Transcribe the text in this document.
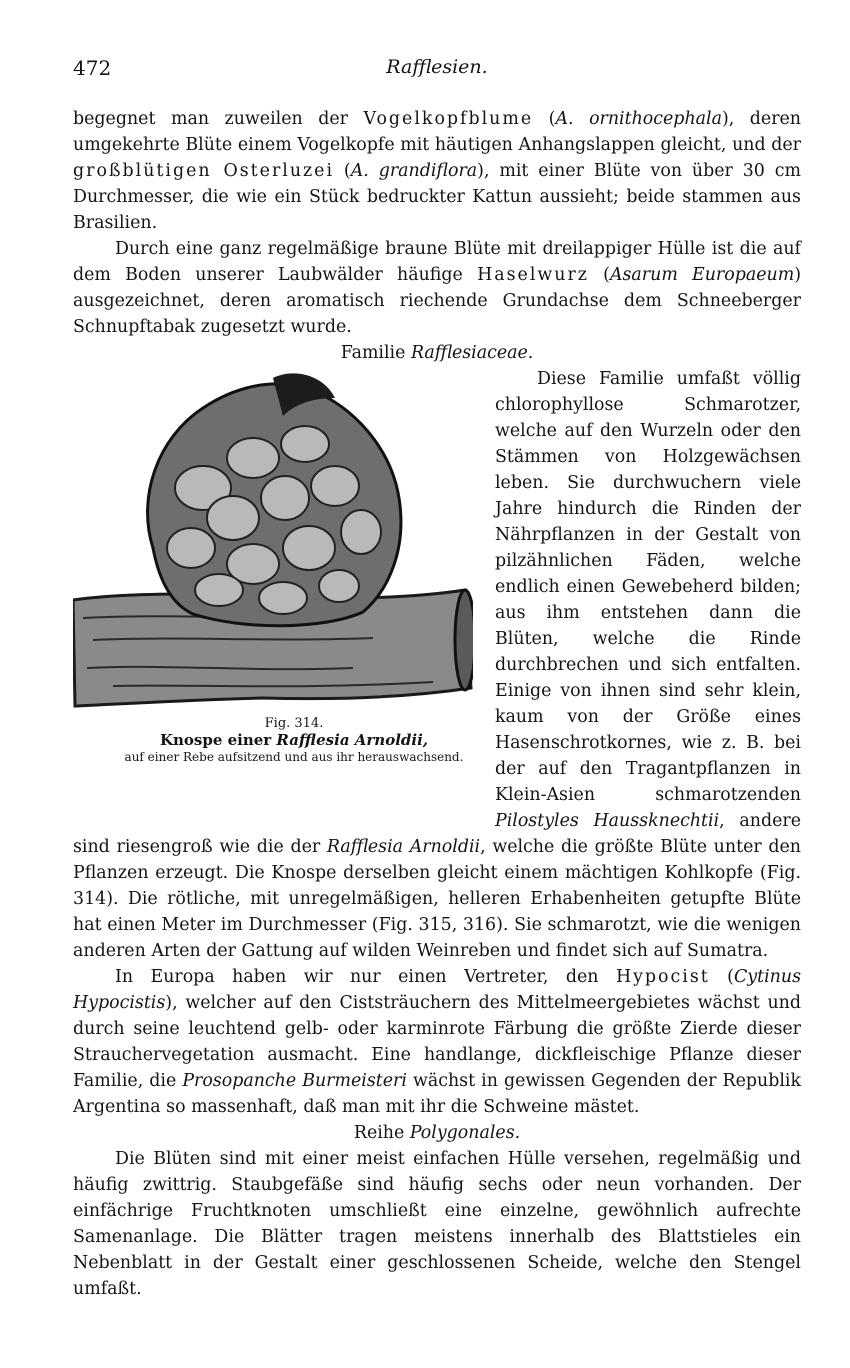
472	Rafflesien.

begegnet man zuweilen der Vogelkopfblume (A. ornithocephala), deren umgekehrte Blüte einem Vogelkopfe mit häutigen Anhangslappen gleicht, und der großblütigen Osterluzei (A. grandiflora), mit einer Blüte von über 30 cm Durchmesser, die wie ein Stück bedruckter Kattun aussieht; beide stammen aus Brasilien.

Durch eine ganz regelmäßige braune Blüte mit dreilappiger Hülle ist die auf dem Boden unserer Laubwälder häufige Haselwurz (Asarum Europaeum) ausgezeichnet, deren aromatisch riechende Grundachse dem Schneeberger Schnupftabak zugesetzt wurde.

Familie Rafflesiaceae.

Fig. 314.
Knospe einer Rafflesia Arnoldii,
auf einer Rebe aufsitzend und aus ihr herauswachsend.
Diese Familie umfaßt völlig chlorophyllose Schmarotzer, welche auf den Wurzeln oder den Stämmen von Holzgewächsen leben. Sie durchwuchern viele Jahre hindurch die Rinden der Nährpflanzen in der Gestalt von pilzähnlichen Fäden, welche endlich einen Gewebeherd bilden; aus ihm entstehen dann die Blüten, welche die Rinde durchbrechen und sich entfalten. Einige von ihnen sind sehr klein, kaum von der Größe eines Hasenschrotkornes, wie z. B. bei der auf den Tragantpflanzen in Klein-Asien schmarotzenden Pilostyles Haussknechtii, andere sind riesengroß wie die der Rafflesia Arnoldii, welche die größte Blüte unter den Pflanzen erzeugt. Die Knospe derselben gleicht einem mächtigen Kohlkopfe (Fig. 314). Die rötliche, mit unregelmäßigen, helleren Erhabenheiten getupfte Blüte hat einen Meter im Durchmesser (Fig. 315, 316). Sie schmarotzt, wie die wenigen anderen Arten der Gattung auf wilden Weinreben und findet sich auf Sumatra.

In Europa haben wir nur einen Vertreter, den Hypocist (Cytinus Hypocistis), welcher auf den Ciststräuchern des Mittelmeergebietes wächst und durch seine leuchtend gelb- oder karminrote Färbung die größte Zierde dieser Strauchervegetation ausmacht. Eine handlange, dickfleischige Pflanze dieser Familie, die Prosopanche Burmeisteri wächst in gewissen Gegenden der Republik Argentina so massenhaft, daß man mit ihr die Schweine mästet.

Reihe Polygonales.

Die Blüten sind mit einer meist einfachen Hülle versehen, regelmäßig und häufig zwittrig. Staubgefäße sind häufig sechs oder neun vorhanden. Der einfächrige Fruchtknoten umschließt eine einzelne, gewöhnlich aufrechte Samenanlage. Die Blätter tragen meistens innerhalb des Blattstieles ein Nebenblatt in der Gestalt einer geschlossenen Scheide, welche den Stengel umfaßt.
